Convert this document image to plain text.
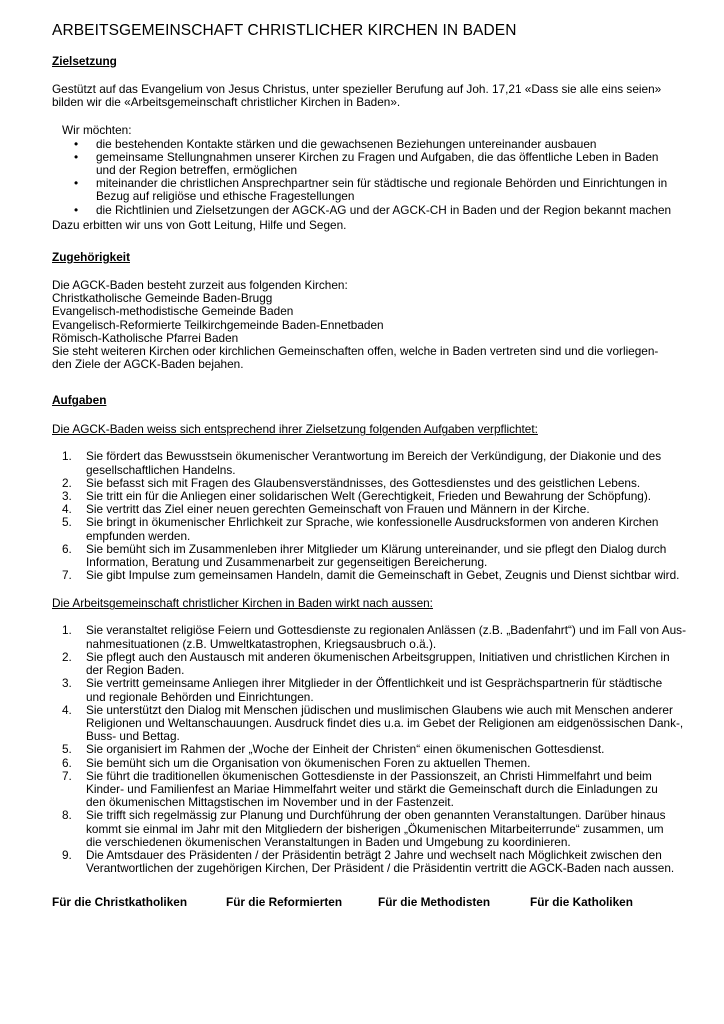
ARBEITSGEMEINSCHAFT CHRISTLICHER KIRCHEN IN BADEN
Zielsetzung
Gestützt auf das Evangelium von Jesus Christus, unter spezieller Berufung auf Joh. 17,21 «Dass sie alle eins seien»
bilden wir die «Arbeitsgemeinschaft christlicher Kirchen in Baden».
Wir möchten:
• die bestehenden Kontakte stärken und die gewachsenen Beziehungen untereinander ausbauen
• gemeinsame Stellungnahmen unserer Kirchen zu Fragen und Aufgaben, die das öffentliche Leben in Baden
und der Region betreffen, ermöglichen
• miteinander die christlichen Ansprechpartner sein für städtische und regionale Behörden und Einrichtungen in
Bezug auf religiöse und ethische Fragestellungen
• die Richtlinien und Zielsetzungen der AGCK-AG und der AGCK-CH in Baden und der Region bekannt machen
Dazu erbitten wir uns von Gott Leitung, Hilfe und Segen.
Zugehörigkeit
Die AGCK-Baden besteht zurzeit aus folgenden Kirchen:
Christkatholische Gemeinde Baden-Brugg
Evangelisch-methodistische Gemeinde Baden
Evangelisch-Reformierte Teilkirchgemeinde Baden-Ennetbaden
Römisch-Katholische Pfarrei Baden
Sie steht weiteren Kirchen oder kirchlichen Gemeinschaften offen, welche in Baden vertreten sind und die vorliegen-
den Ziele der AGCK-Baden bejahen.
Aufgaben
Die AGCK-Baden weiss sich entsprechend ihrer Zielsetzung folgenden Aufgaben verpflichtet:
1. Sie fördert das Bewusstsein ökumenischer Verantwortung im Bereich der Verkündigung, der Diakonie und des
gesellschaftlichen Handelns.
2. Sie befasst sich mit Fragen des Glaubensverständnisses, des Gottesdienstes und des geistlichen Lebens.
3. Sie tritt ein für die Anliegen einer solidarischen Welt (Gerechtigkeit, Frieden und Bewahrung der Schöpfung).
4. Sie vertritt das Ziel einer neuen gerechten Gemeinschaft von Frauen und Männern in der Kirche.
5. Sie bringt in ökumenischer Ehrlichkeit zur Sprache, wie konfessionelle Ausdrucksformen von anderen Kirchen
empfunden werden.
6. Sie bemüht sich im Zusammenleben ihrer Mitglieder um Klärung untereinander, und sie pflegt den Dialog durch
Information, Beratung und Zusammenarbeit zur gegenseitigen Bereicherung.
7. Sie gibt Impulse zum gemeinsamen Handeln, damit die Gemeinschaft in Gebet, Zeugnis und Dienst sichtbar wird.
Die Arbeitsgemeinschaft christlicher Kirchen in Baden wirkt nach aussen:
1. Sie veranstaltet religiöse Feiern und Gottesdienste zu regionalen Anlässen (z.B. „Badenfahrt“) und im Fall von Aus-
nahmesituationen (z.B. Umweltkatastrophen, Kriegsausbruch o.ä.).
2. Sie pflegt auch den Austausch mit anderen ökumenischen Arbeitsgruppen, Initiativen und christlichen Kirchen in
der Region Baden.
3. Sie vertritt gemeinsame Anliegen ihrer Mitglieder in der Öffentlichkeit und ist Gesprächspartnerin für städtische
und regionale Behörden und Einrichtungen.
4. Sie unterstützt den Dialog mit Menschen jüdischen und muslimischen Glaubens wie auch mit Menschen anderer
Religionen und Weltanschauungen. Ausdruck findet dies u.a. im Gebet der Religionen am eidgenössischen Dank-,
Buss- und Bettag.
5. Sie organisiert im Rahmen der „Woche der Einheit der Christen“ einen ökumenischen Gottesdienst.
6. Sie bemüht sich um die Organisation von ökumenischen Foren zu aktuellen Themen.
7. Sie führt die traditionellen ökumenischen Gottesdienste in der Passionszeit, an Christi Himmelfahrt und beim
Kinder- und Familienfest an Mariae Himmelfahrt weiter und stärkt die Gemeinschaft durch die Einladungen zu
den ökumenischen Mittagstischen im November und in der Fastenzeit.
8. Sie trifft sich regelmässig zur Planung und Durchführung der oben genannten Veranstaltungen. Darüber hinaus
kommt sie einmal im Jahr mit den Mitgliedern der bisherigen „Ökumenischen Mitarbeiterrunde“ zusammen, um
die verschiedenen ökumenischen Veranstaltungen in Baden und Umgebung zu koordinieren.
9. Die Amtsdauer des Präsidenten / der Präsidentin beträgt 2 Jahre und wechselt nach Möglichkeit zwischen den
Verantwortlichen der zugehörigen Kirchen, Der Präsident / die Präsidentin vertritt die AGCK-Baden nach aussen.
Für die Christkatholiken	Für die Reformierten	Für die Methodisten	Für die Katholiken
